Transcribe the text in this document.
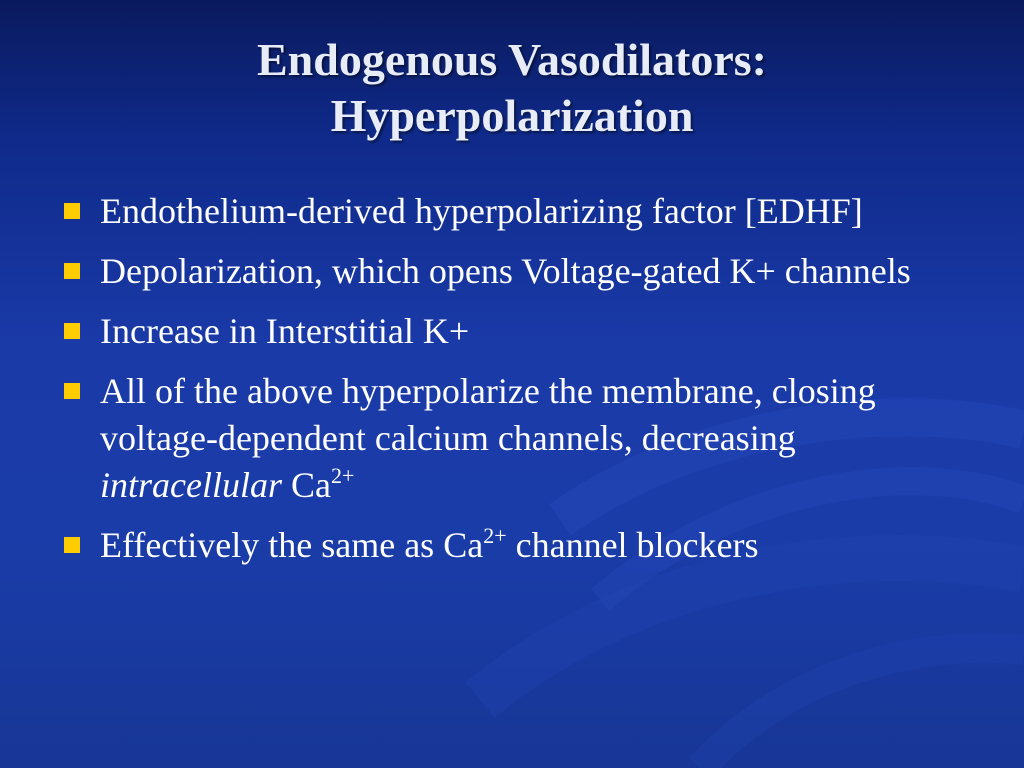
Endogenous Vasodilators:
Hyperpolarization
Endothelium-derived hyperpolarizing factor [EDHF]
Depolarization, which opens Voltage-gated K+ channels
Increase in Interstitial K+
All of the above hyperpolarize the membrane, closing voltage-dependent calcium channels, decreasing intracellular $Ca^{2+}$
Effectively the same as $Ca^{2+}$ channel blockers
